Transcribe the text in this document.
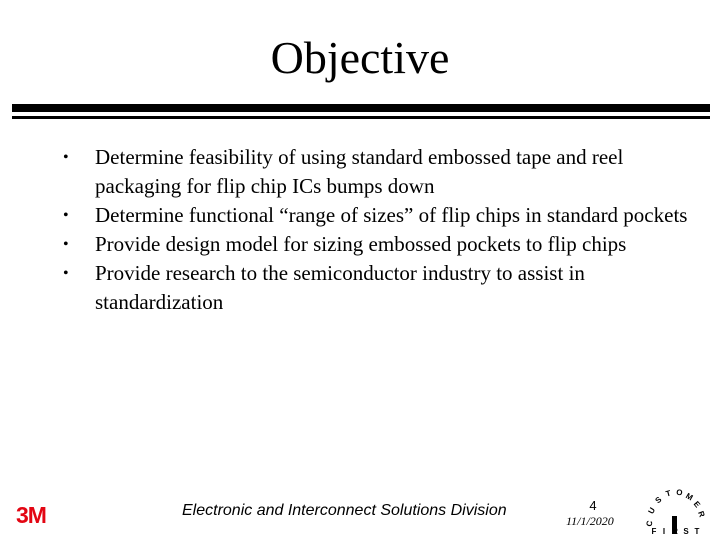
Objective
• Determine feasibility of using standard embossed tape and reel packaging for flip chip ICs bumps down
• Determine functional “range of sizes” of flip chips in standard pockets
• Provide design model for sizing embossed pockets to flip chips
• Provide research to the semiconductor industry to assist in standardization
3M	Electronic and Interconnect Solutions Division	4
11/1/2020	C
U
S
T O M
E
R
F I S T
